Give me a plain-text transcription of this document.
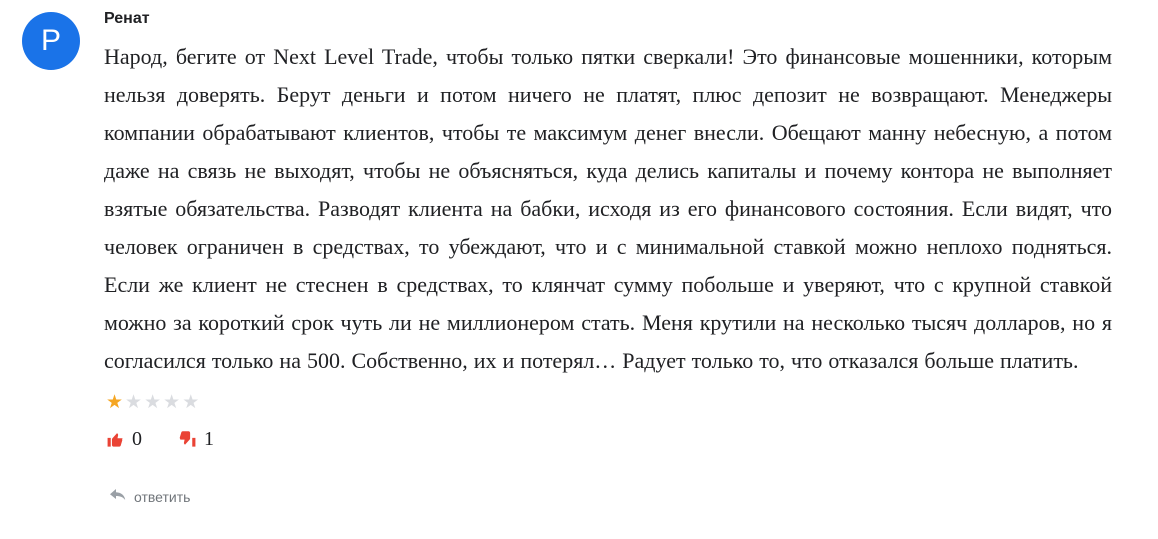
Р
Ренат

Народ, бегите от Next Level Trade, чтобы только пятки сверкали! Это финансовые мошенники, которым нельзя доверять. Берут деньги и потом ничего не платят, плюс депозит не возвращают. Менеджеры компании обрабатывают клиентов, чтобы те максимум денег внесли. Обещают манну небесную, а потом даже на связь не выходят, чтобы не объясняться, куда делись капиталы и почему контора не выполняет взятые обязательства. Разводят клиента на бабки, исходя из его финансового состояния. Если видят, что человек ограничен в средствах, то убеждают, что и с минимальной ставкой можно неплохо подняться. Если же клиент не стеснен в средствах, то клянчат сумму побольше и уверяют, что с крупной ставкой можно за короткий срок чуть ли не миллионером стать. Меня крутили на несколько тысяч долларов, но я согласился только на 500. Собственно, их и потерял… Радует только то, что отказался больше платить.

★★★★★
0	1
ответить
